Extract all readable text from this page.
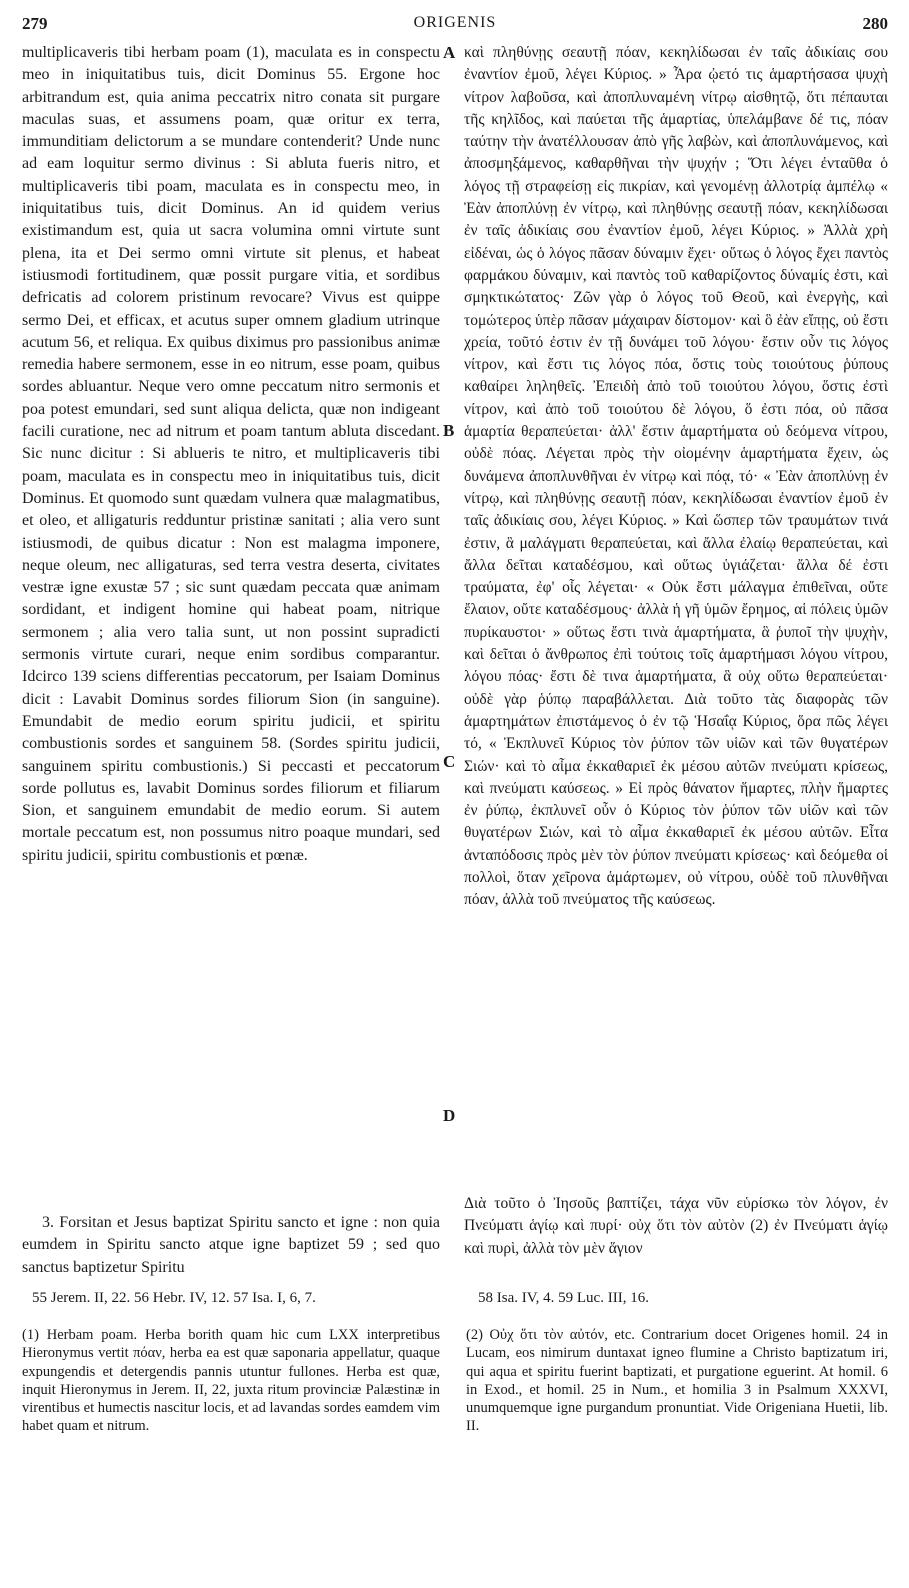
279	ORIGENIS	280

multiplicaveris tibi herbam poam (1), maculata es in conspectu meo in iniquitatibus tuis, dicit Dominus 55. Ergone hoc arbitrandum est, quia anima peccatrix nitro conata sit purgare maculas suas, et assumens poam, quæ oritur ex terra, immunditiam delictorum a se mundare contenderit? Unde nunc ad eam loquitur sermo divinus : Si abluta fueris nitro, et multiplicaveris tibi poam, maculata es in conspectu meo, in iniquitatibus tuis, dicit Dominus. An id quidem verius existimandum est, quia ut sacra volumina omni virtute sunt plena, ita et Dei sermo omni virtute sit plenus, et habeat istiusmodi fortitudinem, quæ possit purgare vitia, et sordibus defricatis ad colorem pristinum revocare? Vivus est quippe sermo Dei, et efficax, et acutus super omnem gladium utrinque acutum 56, et reliqua. Ex quibus diximus pro passionibus animæ remedia habere sermonem, esse in eo nitrum, esse poam, quibus sordes abluantur. Neque vero omne peccatum nitro sermonis et poa potest emundari, sed sunt aliqua delicta, quæ non indigeant facili curatione, nec ad nitrum et poam tantum abluta discedant. Sic nunc dicitur : Si ablueris te nitro, et multiplicaveris tibi poam, maculata es in conspectu meo in iniquitatibus tuis, dicit Dominus. Et quomodo sunt quædam vulnera quæ malagmatibus, et oleo, et alligaturis redduntur pristinæ sanitati ; alia vero sunt istiusmodi, de quibus dicatur : Non est malagma imponere, neque oleum, nec alligaturas, sed terra vestra deserta, civitates vestræ igne exustæ 57 ; sic sunt quædam peccata quæ animam sordidant, et indigent homine qui habeat poam, nitrique sermonem ; alia vero talia sunt, ut non possint supradicti sermonis virtute curari, neque enim sordibus comparantur. Idcirco 139 sciens differentias peccatorum, per Isaiam Dominus dicit : Lavabit Dominus sordes filiorum Sion (in sanguine). Emundabit de medio eorum spiritu judicii, et spiritu combustionis sordes et sanguinem 58. (Sordes spiritu judicii, sanguinem spiritu combustionis.) Si peccasti et peccatorum sorde pollutus es, lavabit Dominus sordes filiorum et filiarum Sion, et sanguinem emundabit de medio eorum. Si autem mortale peccatum est, non possumus nitro poaque mundari, sed spiritu judicii, spiritu combustionis et pœnæ.

A
B
C
D

καὶ πληθύνῃς σεαυτῇ πόαν, κεκηλίδωσαι ἐν ταῖς ἀδικίαις σου ἐναντίον ἐμοῦ, λέγει Κύριος. » Ἆρα ᾠετό τις ἁμαρτήσασα ψυχὴ νίτρον λαβοῦσα, καὶ ἀποπλυναμένη νίτρῳ αἰσθητῷ, ὅτι πέπαυται τῆς κηλῖδος, καὶ παύεται τῆς ἁμαρτίας, ὑπελάμβανε δέ τις, πόαν ταύτην τὴν ἀνατέλλουσαν ἀπὸ γῆς λαβὼν, καὶ ἀποπλυνάμενος, καὶ ἀποσμηξάμενος, καθαρθῆναι τὴν ψυχήν ; Ὅτι λέγει ἐνταῦθα ὁ λόγος τῇ στραφείσῃ εἰς πικρίαν, καὶ γενομένῃ ἀλλοτρίᾳ ἀμπέλῳ « Ἐὰν ἀποπλύνῃ ἐν νίτρῳ, καὶ πληθύνῃς σεαυτῇ πόαν, κεκηλίδωσαι ἐν ταῖς ἀδικίαις σου ἐναντίον ἐμοῦ, λέγει Κύριος. » Ἀλλὰ χρὴ εἰδέναι, ὡς ὁ λόγος πᾶσαν δύναμιν ἔχει· οὕτως ὁ λόγος ἔχει παντὸς φαρμάκου δύναμιν, καὶ παντὸς τοῦ καθαρίζοντος δύναμίς ἐστι, καὶ σμηκτικώτατος· Ζῶν γὰρ ὁ λόγος τοῦ Θεοῦ, καὶ ἐνεργὴς, καὶ τομώτερος ὑπὲρ πᾶσαν μάχαιραν δίστομον· καὶ ὃ ἐὰν εἴπῃς, οὐ ἔστι χρεία, τοῦτό ἐστιν ἐν τῇ δυνάμει τοῦ λόγου· ἔστιν οὖν τις λόγος νίτρον, καὶ ἔστι τις λόγος πόα, ὅστις τοὺς τοιούτους ῥύπους καθαίρει ληληθεῖς. Ἐπειδὴ ἀπὸ τοῦ τοιούτου λόγου, ὅστις ἐστὶ νίτρον, καὶ ἀπὸ τοῦ τοιούτου δὲ λόγου, ὅ ἐστι πόα, οὐ πᾶσα ἁμαρτία θεραπεύεται· ἀλλ' ἔστιν ἁμαρτήματα οὐ δεόμενα νίτρου, οὐδὲ πόας. Λέγεται πρὸς τὴν οἰομένην ἁμαρτήματα ἔχειν, ὡς δυνάμενα ἀποπλυνθῆναι ἐν νίτρῳ καὶ πόᾳ, τό· « Ἐὰν ἀποπλύνῃ ἐν νίτρῳ, καὶ πληθύνῃς σεαυτῇ πόαν, κεκηλίδωσαι ἐναντίον ἐμοῦ ἐν ταῖς ἀδικίαις σου, λέγει Κύριος. » Καὶ ὥσπερ τῶν τραυμάτων τινά ἐστιν, ἃ μαλάγματι θεραπεύεται, καὶ ἄλλα ἐλαίῳ θεραπεύεται, καὶ ἄλλα δεῖται καταδέσμου, καὶ οὕτως ὑγιάζεται· ἄλλα δέ ἐστι τραύματα, ἐφ' οἷς λέγεται· « Οὐκ ἔστι μάλαγμα ἐπιθεῖναι, οὔτε ἔλαιον, οὔτε καταδέσμους· ἀλλὰ ἡ γῆ ὑμῶν ἔρημος, αἱ πόλεις ὑμῶν πυρίκαυστοι· » οὕτως ἔστι τινὰ ἁμαρτήματα, ἃ ῥυποῖ τὴν ψυχὴν, καὶ δεῖται ὁ ἄνθρωπος ἐπὶ τούτοις τοῖς ἁμαρτήμασι λόγου νίτρου, λόγου πόας· ἔστι δὲ τινα ἁμαρτήματα, ἃ οὐχ οὕτω θεραπεύεται· οὐδὲ γὰρ ῥύπῳ παραβάλλεται. Διὰ τοῦτο τὰς διαφορὰς τῶν ἁμαρτημάτων ἐπιστάμενος ὁ ἐν τῷ Ἡσαΐᾳ Κύριος, ὅρα πῶς λέγει τό, « Ἐκπλυνεῖ Κύριος τὸν ῥύπον τῶν υἱῶν καὶ τῶν θυγατέρων Σιών· καὶ τὸ αἷμα ἐκκαθαριεῖ ἐκ μέσου αὐτῶν πνεύματι κρίσεως, καὶ πνεύματι καύσεως. » Εἰ πρὸς θάνατον ἥμαρτες, πλὴν ἥμαρτες ἐν ῥύπῳ, ἐκπλυνεῖ οὖν ὁ Κύριος τὸν ῥύπον τῶν υἱῶν καὶ τῶν θυγατέρων Σιών, καὶ τὸ αἷμα ἐκκαθαριεῖ ἐκ μέσου αὐτῶν. Εἶτα ἀνταπόδοσις πρὸς μὲν τὸν ῥύπον πνεύματι κρίσεως· καὶ δεόμεθα οἱ πολλοὶ, ὅταν χεῖρονα ἁμάρτωμεν, οὐ νίτρου, οὐδὲ τοῦ πλυνθῆναι πόαν, ἀλλὰ τοῦ πνεύματος τῆς καύσεως.

3. Forsitan et Jesus baptizat Spiritu sancto et igne : non quia eumdem in Spiritu sancto atque igne baptizet 59 ; sed quo sanctus baptizetur Spiritu

Διὰ τοῦτο ὁ Ἰησοῦς βαπτίζει, τάχα νῦν εὑρίσκω τὸν λόγον, ἐν Πνεύματι ἁγίῳ καὶ πυρί· οὐχ ὅτι τὸν αὐτὸν (2) ἐν Πνεύματι ἁγίῳ καὶ πυρὶ, ἀλλὰ τὸν μὲν ἅγιον

55 Jerem. II, 22. 56 Hebr. IV, 12. 57 Isa. I, 6, 7.	58 Isa. IV, 4. 59 Luc. III, 16.

(1) Herbam poam. Herba borith quam hic cum LXX interpretibus Hieronymus vertit πόαν, herba ea est quæ saponaria appellatur, quaque expungendis et detergendis pannis utuntur fullones. Herba est quæ, inquit Hieronymus in Jerem. II, 22, juxta ritum provinciæ Palæstinæ in virentibus et humectis nascitur locis, et ad lavandas sordes eamdem vim habet quam et nitrum.

(2) Οὐχ ὅτι τὸν αὐτόν, etc. Contrarium docet Origenes homil. 24 in Lucam, eos nimirum duntaxat igneo flumine a Christo baptizatum iri, qui aqua et spiritu fuerint baptizati, et purgatione eguerint. At homil. 6 in Exod., et homil. 25 in Num., et homilia 3 in Psalmum XXXVI, unumquemque igne purgandum pronuntiat. Vide Origeniana Huetii, lib. II.
